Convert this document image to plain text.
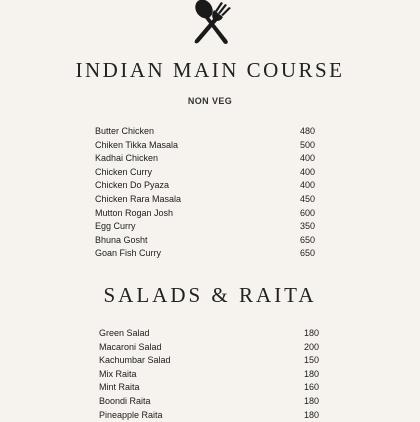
INDIAN MAIN COURSE
NON VEG
Butter Chicken	480
Chiken Tikka Masala	500
Kadhai Chicken	400
Chicken Curry	400
Chicken Do Pyaza	400
Chicken Rara Masala	450
Mutton Rogan Josh	600
Egg Curry	350
Bhuna Gosht	650
Goan Fish Curry	650
SALADS & RAITA
Green Salad	180
Macaroni Salad	200
Kachumbar Salad	150
Mix Raita	180
Mint Raita	160
Boondi Raita	180
Pineapple Raita	180
